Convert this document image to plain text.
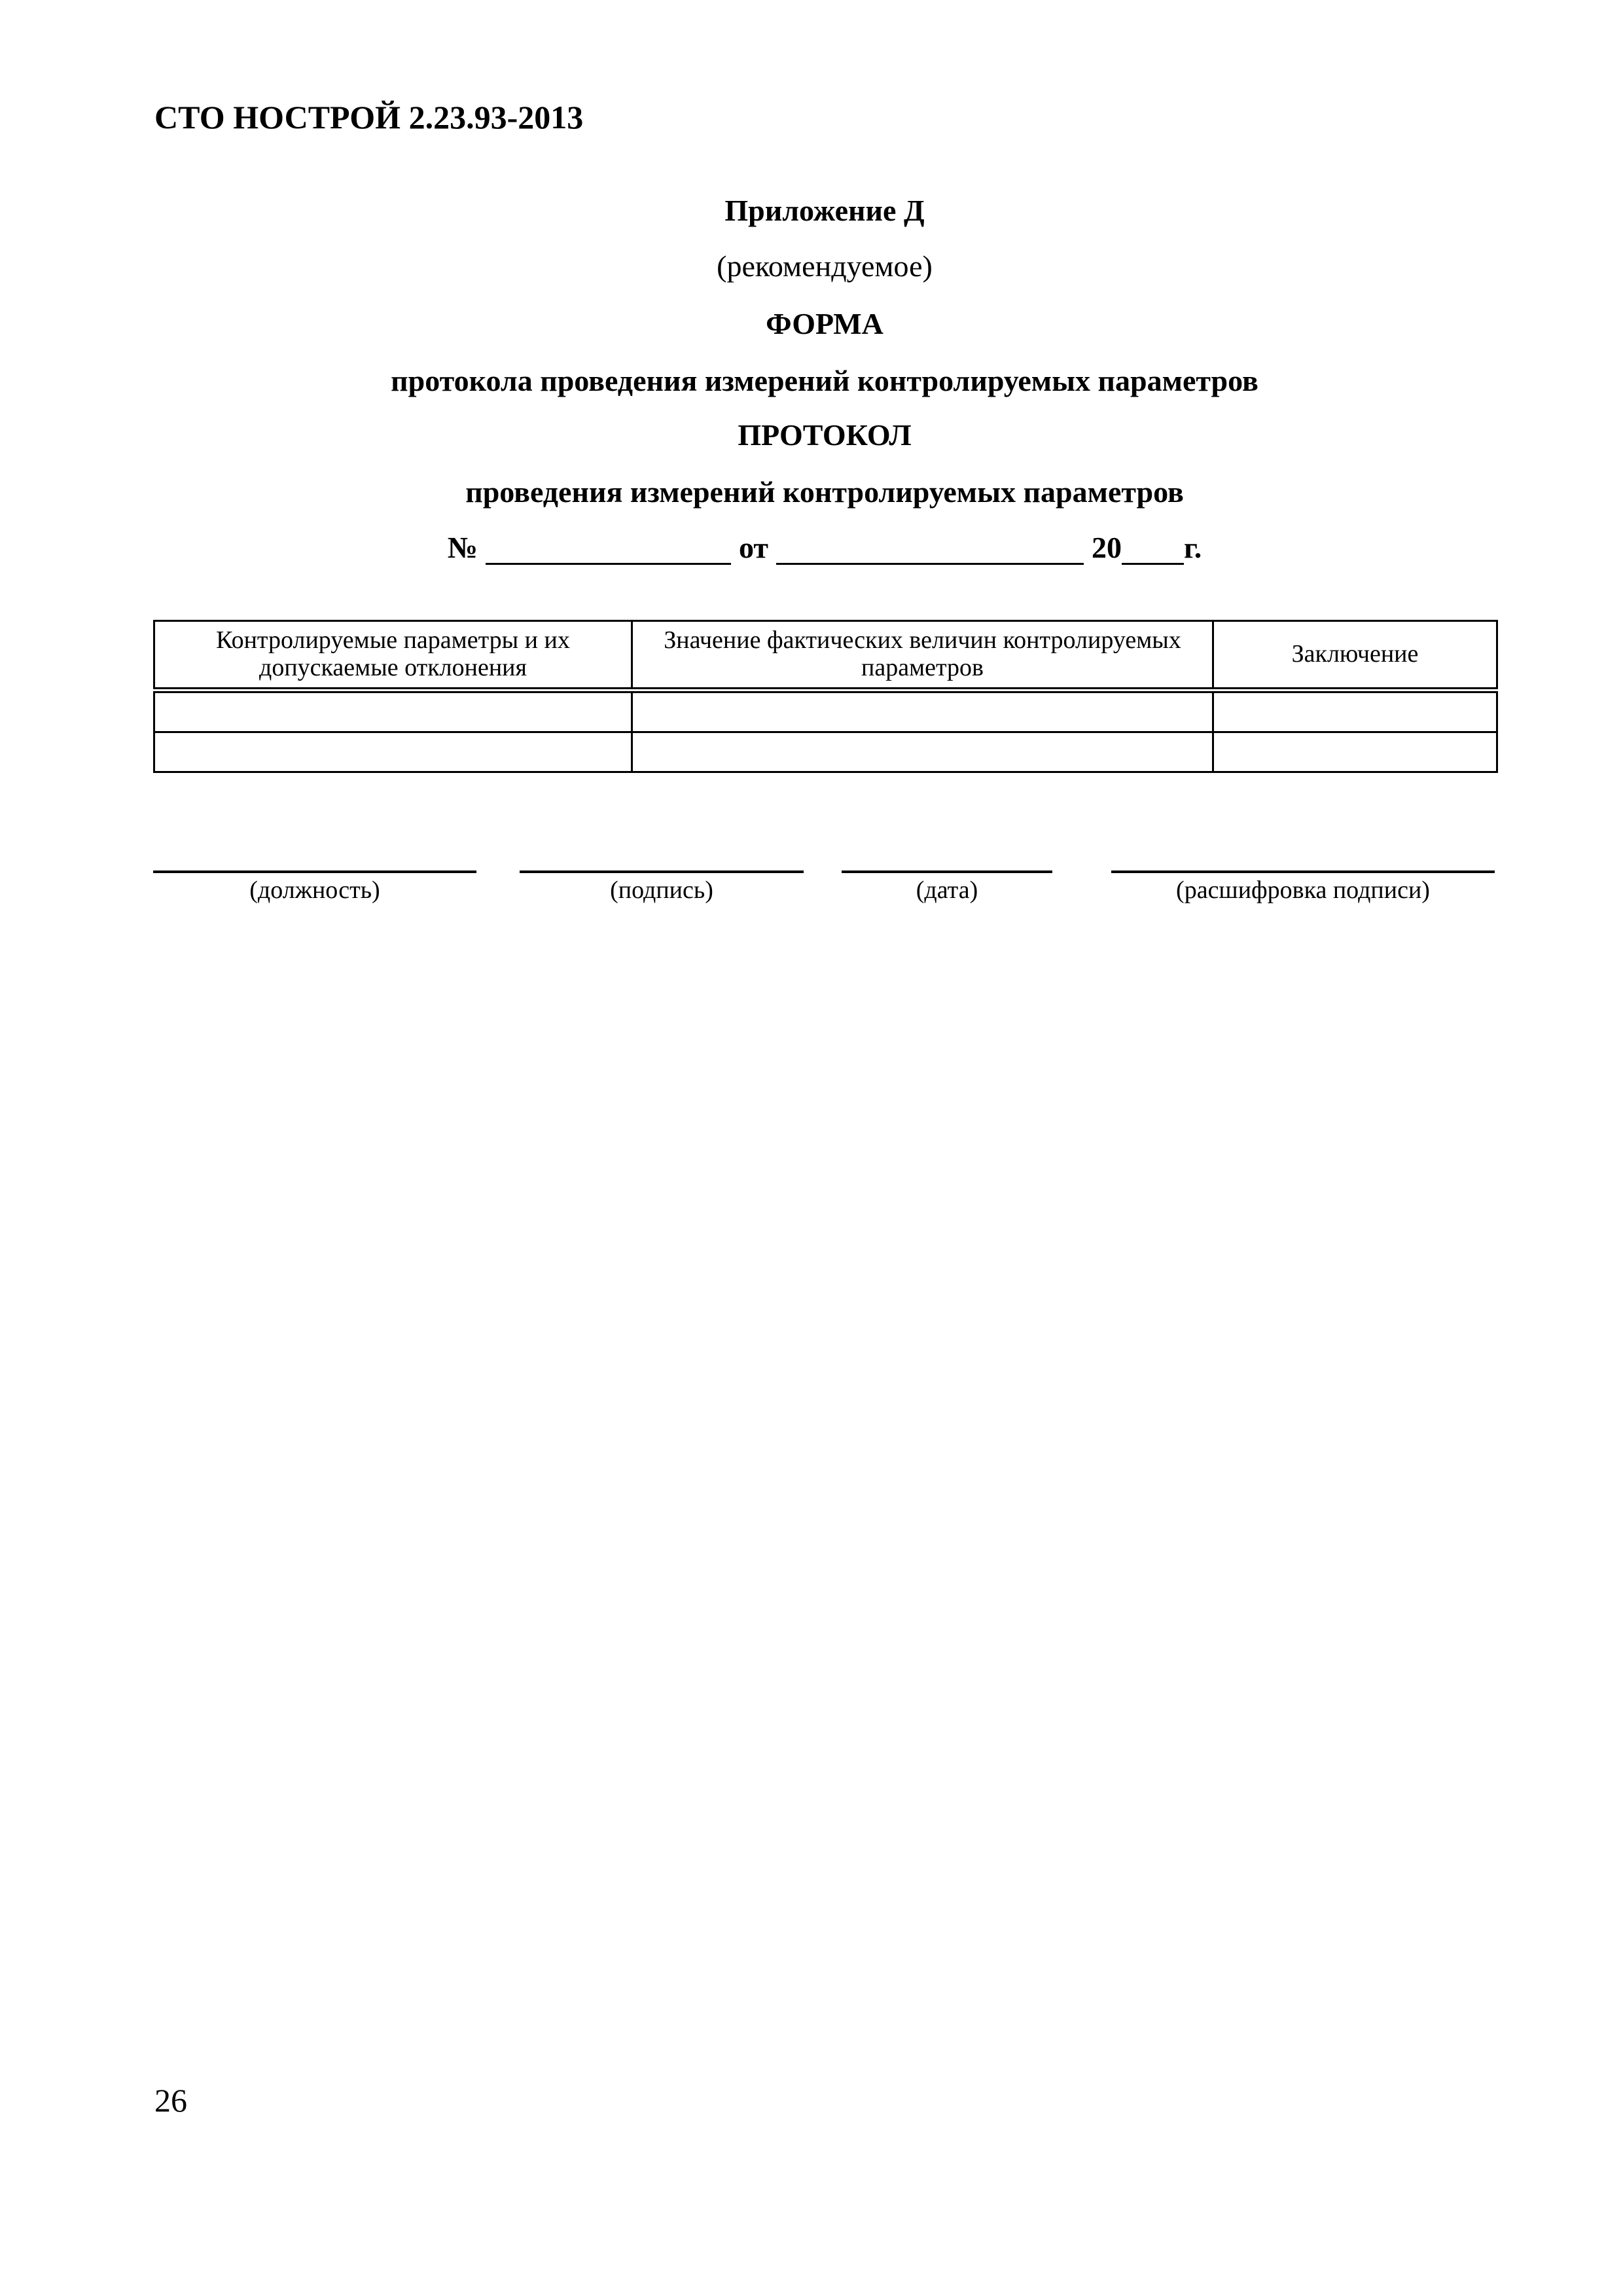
СТО НОСТРОЙ 2.23.93-2013
Приложение Д
(рекомендуемое)
ФОРМА
протокола проведения измерений контролируемых параметров
ПРОТОКОЛ
проведения измерений контролируемых параметров
№	от	20 г.
Контролируемые параметры и их допускаемые отклонения	Значение фактических величин контролируемых параметров	Заключение

(должность)	(подпись)	(дата)	(расшифровка подписи)
26
